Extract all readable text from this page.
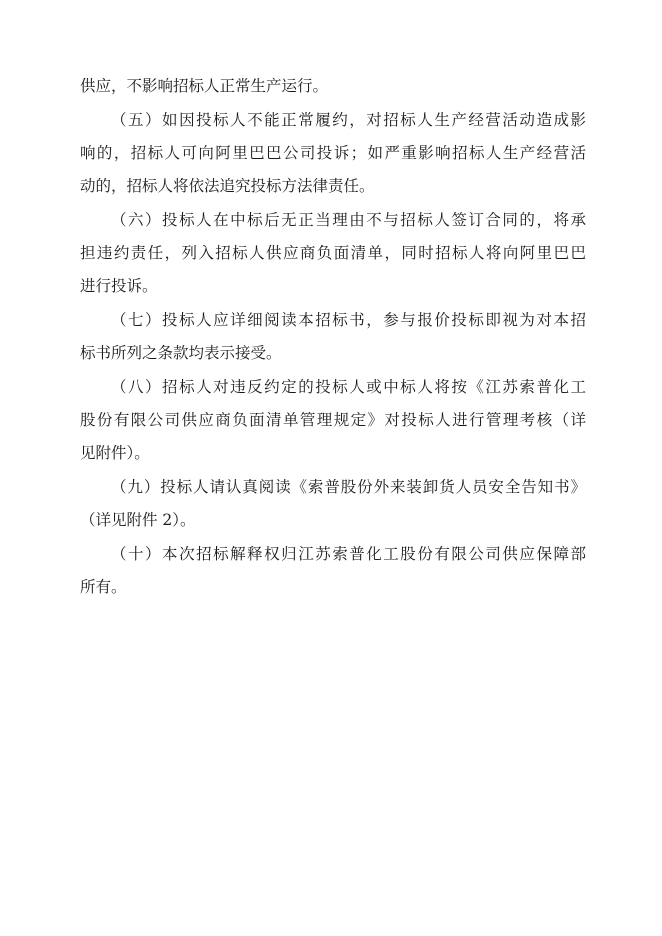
供应，不影响招标人正常生产运行。
（五）如因投标人不能正常履约，对招标人生产经营活动造成影
响的，招标人可向阿里巴巴公司投诉；如严重影响招标人生产经营活
动的，招标人将依法追究投标方法律责任。
（六）投标人在中标后无正当理由不与招标人签订合同的，将承
担违约责任，列入招标人供应商负面清单，同时招标人将向阿里巴巴
进行投诉。
（七）投标人应详细阅读本招标书，参与报价投标即视为对本招
标书所列之条款均表示接受。
（八）招标人对违反约定的投标人或中标人将按《江苏索普化工
股份有限公司供应商负面清单管理规定》对投标人进行管理考核（详
见附件）。
（九）投标人请认真阅读《索普股份外来装卸货人员安全告知书》
（详见附件 2）。
（十）本次招标解释权归江苏索普化工股份有限公司供应保障部
所有。
